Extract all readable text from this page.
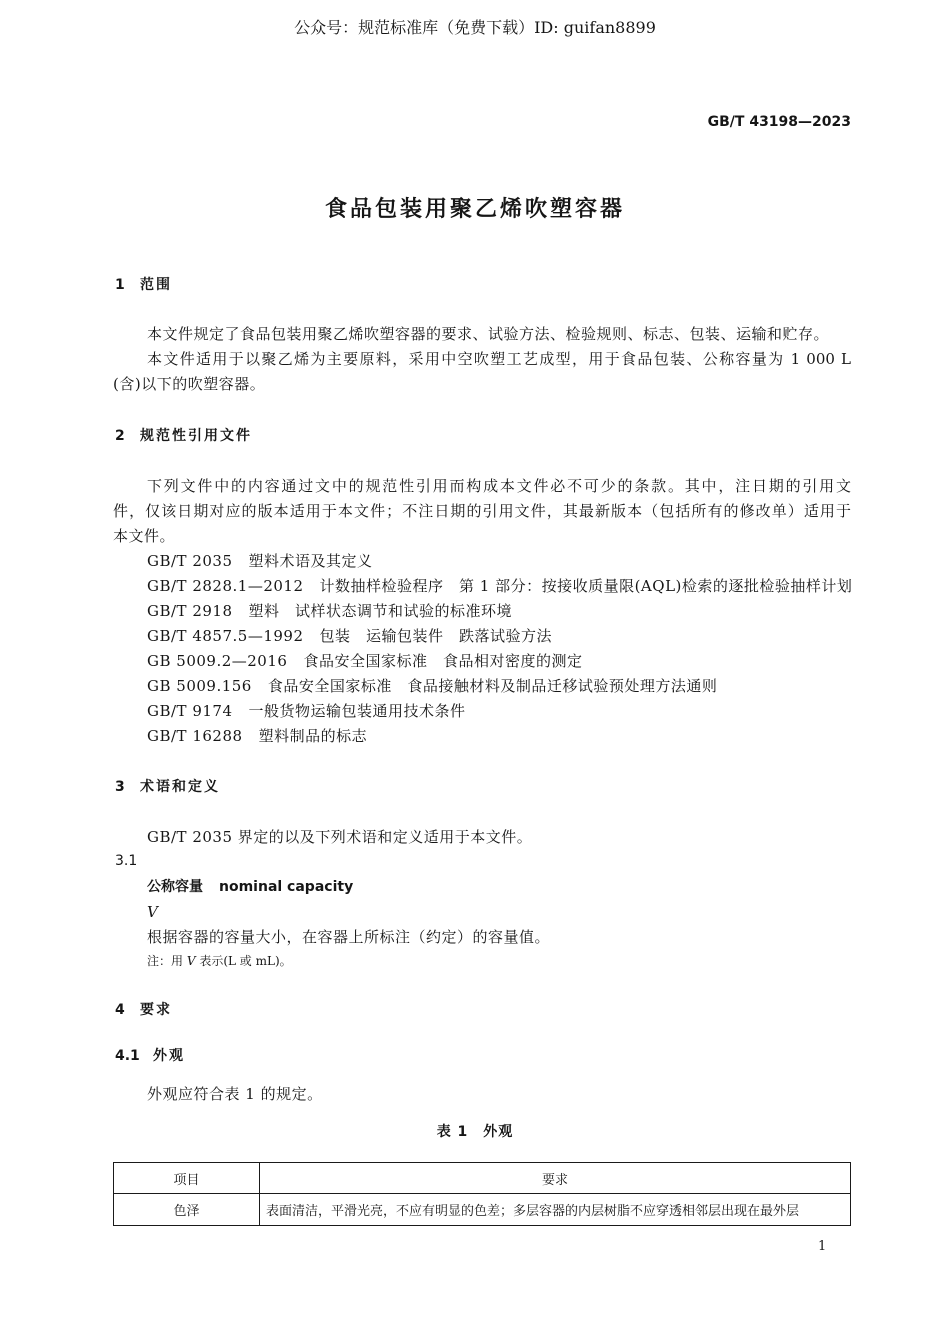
公众号：规范标准库（免费下载）ID: guifan8899
GB/T 43198—2023
食品包装用聚乙烯吹塑容器
1 范围
本文件规定了食品包装用聚乙烯吹塑容器的要求、试验方法、检验规则、标志、包装、运输和贮存。
本文件适用于以聚乙烯为主要原料，采用中空吹塑工艺成型，用于食品包装、公称容量为 1 000 L
(含)以下的吹塑容器。
2 规范性引用文件
下列文件中的内容通过文中的规范性引用而构成本文件必不可少的条款。其中，注日期的引用文
件，仅该日期对应的版本适用于本文件；不注日期的引用文件，其最新版本（包括所有的修改单）适用于
本文件。
GB/T 2035 塑料术语及其定义
GB/T 2828.1—2012 计数抽样检验程序　第 1 部分：按接收质量限(AQL)检索的逐批检验抽样计划
GB/T 2918 塑料　试样状态调节和试验的标准环境
GB/T 4857.5—1992 包装　运输包装件　跌落试验方法
GB 5009.2—2016 食品安全国家标准　食品相对密度的测定
GB 5009.156 食品安全国家标准　食品接触材料及制品迁移试验预处理方法通则
GB/T 9174 一般货物运输包装通用技术条件
GB/T 16288 塑料制品的标志
3 术语和定义
GB/T 2035 界定的以及下列术语和定义适用于本文件。
3.1
公称容量 nominal capacity
V
根据容器的容量大小，在容器上所标注（约定）的容量值。
注：用 V 表示(L 或 mL)。
4 要求
4.1 外观
外观应符合表 1 的规定。
表 1　外观
项目	要求
色泽	表面清洁，平滑光亮，不应有明显的色差；多层容器的内层树脂不应穿透相邻层出现在最外层
1
